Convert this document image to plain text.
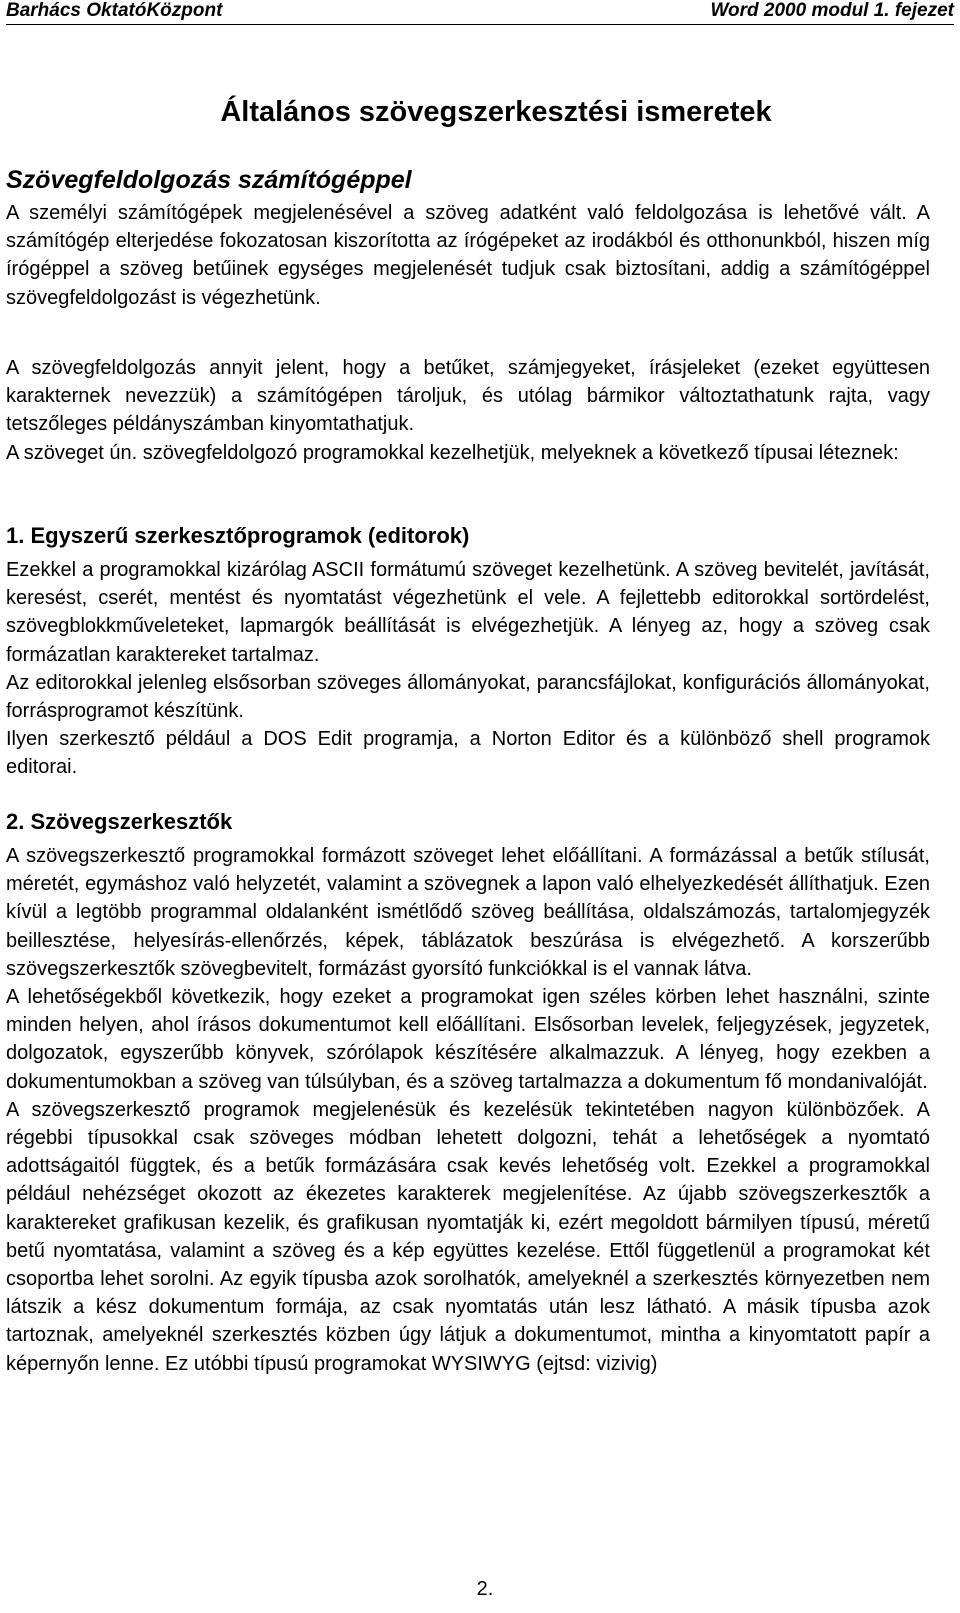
Barhács OktatóKözpont	Word 2000 modul 1. fejezet
Általános szövegszerkesztési ismeretek
Szövegfeldolgozás számítógéppel

A személyi számítógépek megjelenésével a szöveg adatként való feldolgozása is lehetővé vált. A számítógép elterjedése fokozatosan kiszorította az írógépeket az irodákból és otthonunkból, hiszen míg írógéppel a szöveg betűinek egységes megjelenését tudjuk csak biztosítani, addig a számítógéppel szövegfeldolgozást is végezhetünk.

A szövegfeldolgozás annyit jelent, hogy a betűket, számjegyeket, írásjeleket (ezeket együttesen karakternek nevezzük) a számítógépen tároljuk, és utólag bármikor változtathatunk rajta, vagy tetszőleges példányszámban kinyomtathatjuk.

A szöveget ún. szövegfeldolgozó programokkal kezelhetjük, melyeknek a következő típusai léteznek:

1. Egyszerű szerkesztőprogramok (editorok)

Ezekkel a programokkal kizárólag ASCII formátumú szöveget kezelhetünk. A szöveg bevitelét, javítását, keresést, cserét, mentést és nyomtatást végezhetünk el vele. A fejlettebb editorokkal sortördelést, szövegblokkműveleteket, lapmargók beállítását is elvégezhetjük. A lényeg az, hogy a szöveg csak formázatlan karaktereket tartalmaz.

Az editorokkal jelenleg elsősorban szöveges állományokat, parancsfájlokat, konfigurációs állományokat, forrásprogramot készítünk.

Ilyen szerkesztő például a DOS Edit programja, a Norton Editor és a különböző shell programok editorai.

2. Szövegszerkesztők

A szövegszerkesztő programokkal formázott szöveget lehet előállítani. A formázással a betűk stílusát, méretét, egymáshoz való helyzetét, valamint a szövegnek a lapon való elhelyezkedését állíthatjuk. Ezen kívül a legtöbb programmal oldalanként ismétlődő szöveg beállítása, oldalszámozás, tartalomjegyzék beillesztése, helyesírás-ellenőrzés, képek, táblázatok beszúrása is elvégezhető. A korszerűbb szövegszerkesztők szövegbevitelt, formázást gyorsító funkciókkal is el vannak látva.

A lehetőségekből következik, hogy ezeket a programokat igen széles körben lehet használni, szinte minden helyen, ahol írásos dokumentumot kell előállítani. Elsősorban levelek, feljegyzések, jegyzetek, dolgozatok, egyszerűbb könyvek, szórólapok készítésére alkalmazzuk. A lényeg, hogy ezekben a dokumentumokban a szöveg van túlsúlyban, és a szöveg tartalmazza a dokumentum fő mondanivalóját.

A szövegszerkesztő programok megjelenésük és kezelésük tekintetében nagyon különbözőek. A régebbi típusokkal csak szöveges módban lehetett dolgozni, tehát a lehetőségek a nyomtató adottságaitól függtek, és a betűk formázására csak kevés lehetőség volt. Ezekkel a programokkal például nehézséget okozott az ékezetes karakterek megjelenítése. Az újabb szövegszerkesztők a karaktereket grafikusan kezelik, és grafikusan nyomtatják ki, ezért megoldott bármilyen típusú, méretű betű nyomtatása, valamint a szöveg és a kép együttes kezelése. Ettől függetlenül a programokat két csoportba lehet sorolni. Az egyik típusba azok sorolhatók, amelyeknél a szerkesztés környezetben nem látszik a kész dokumentum formája, az csak nyomtatás után lesz látható. A másik típusba azok tartoznak, amelyeknél szerkesztés közben úgy látjuk a dokumentumot, mintha a kinyomtatott papír a képernyőn lenne. Ez utóbbi típusú programokat WYSIWYG (ejtsd: vizivig)

2.
